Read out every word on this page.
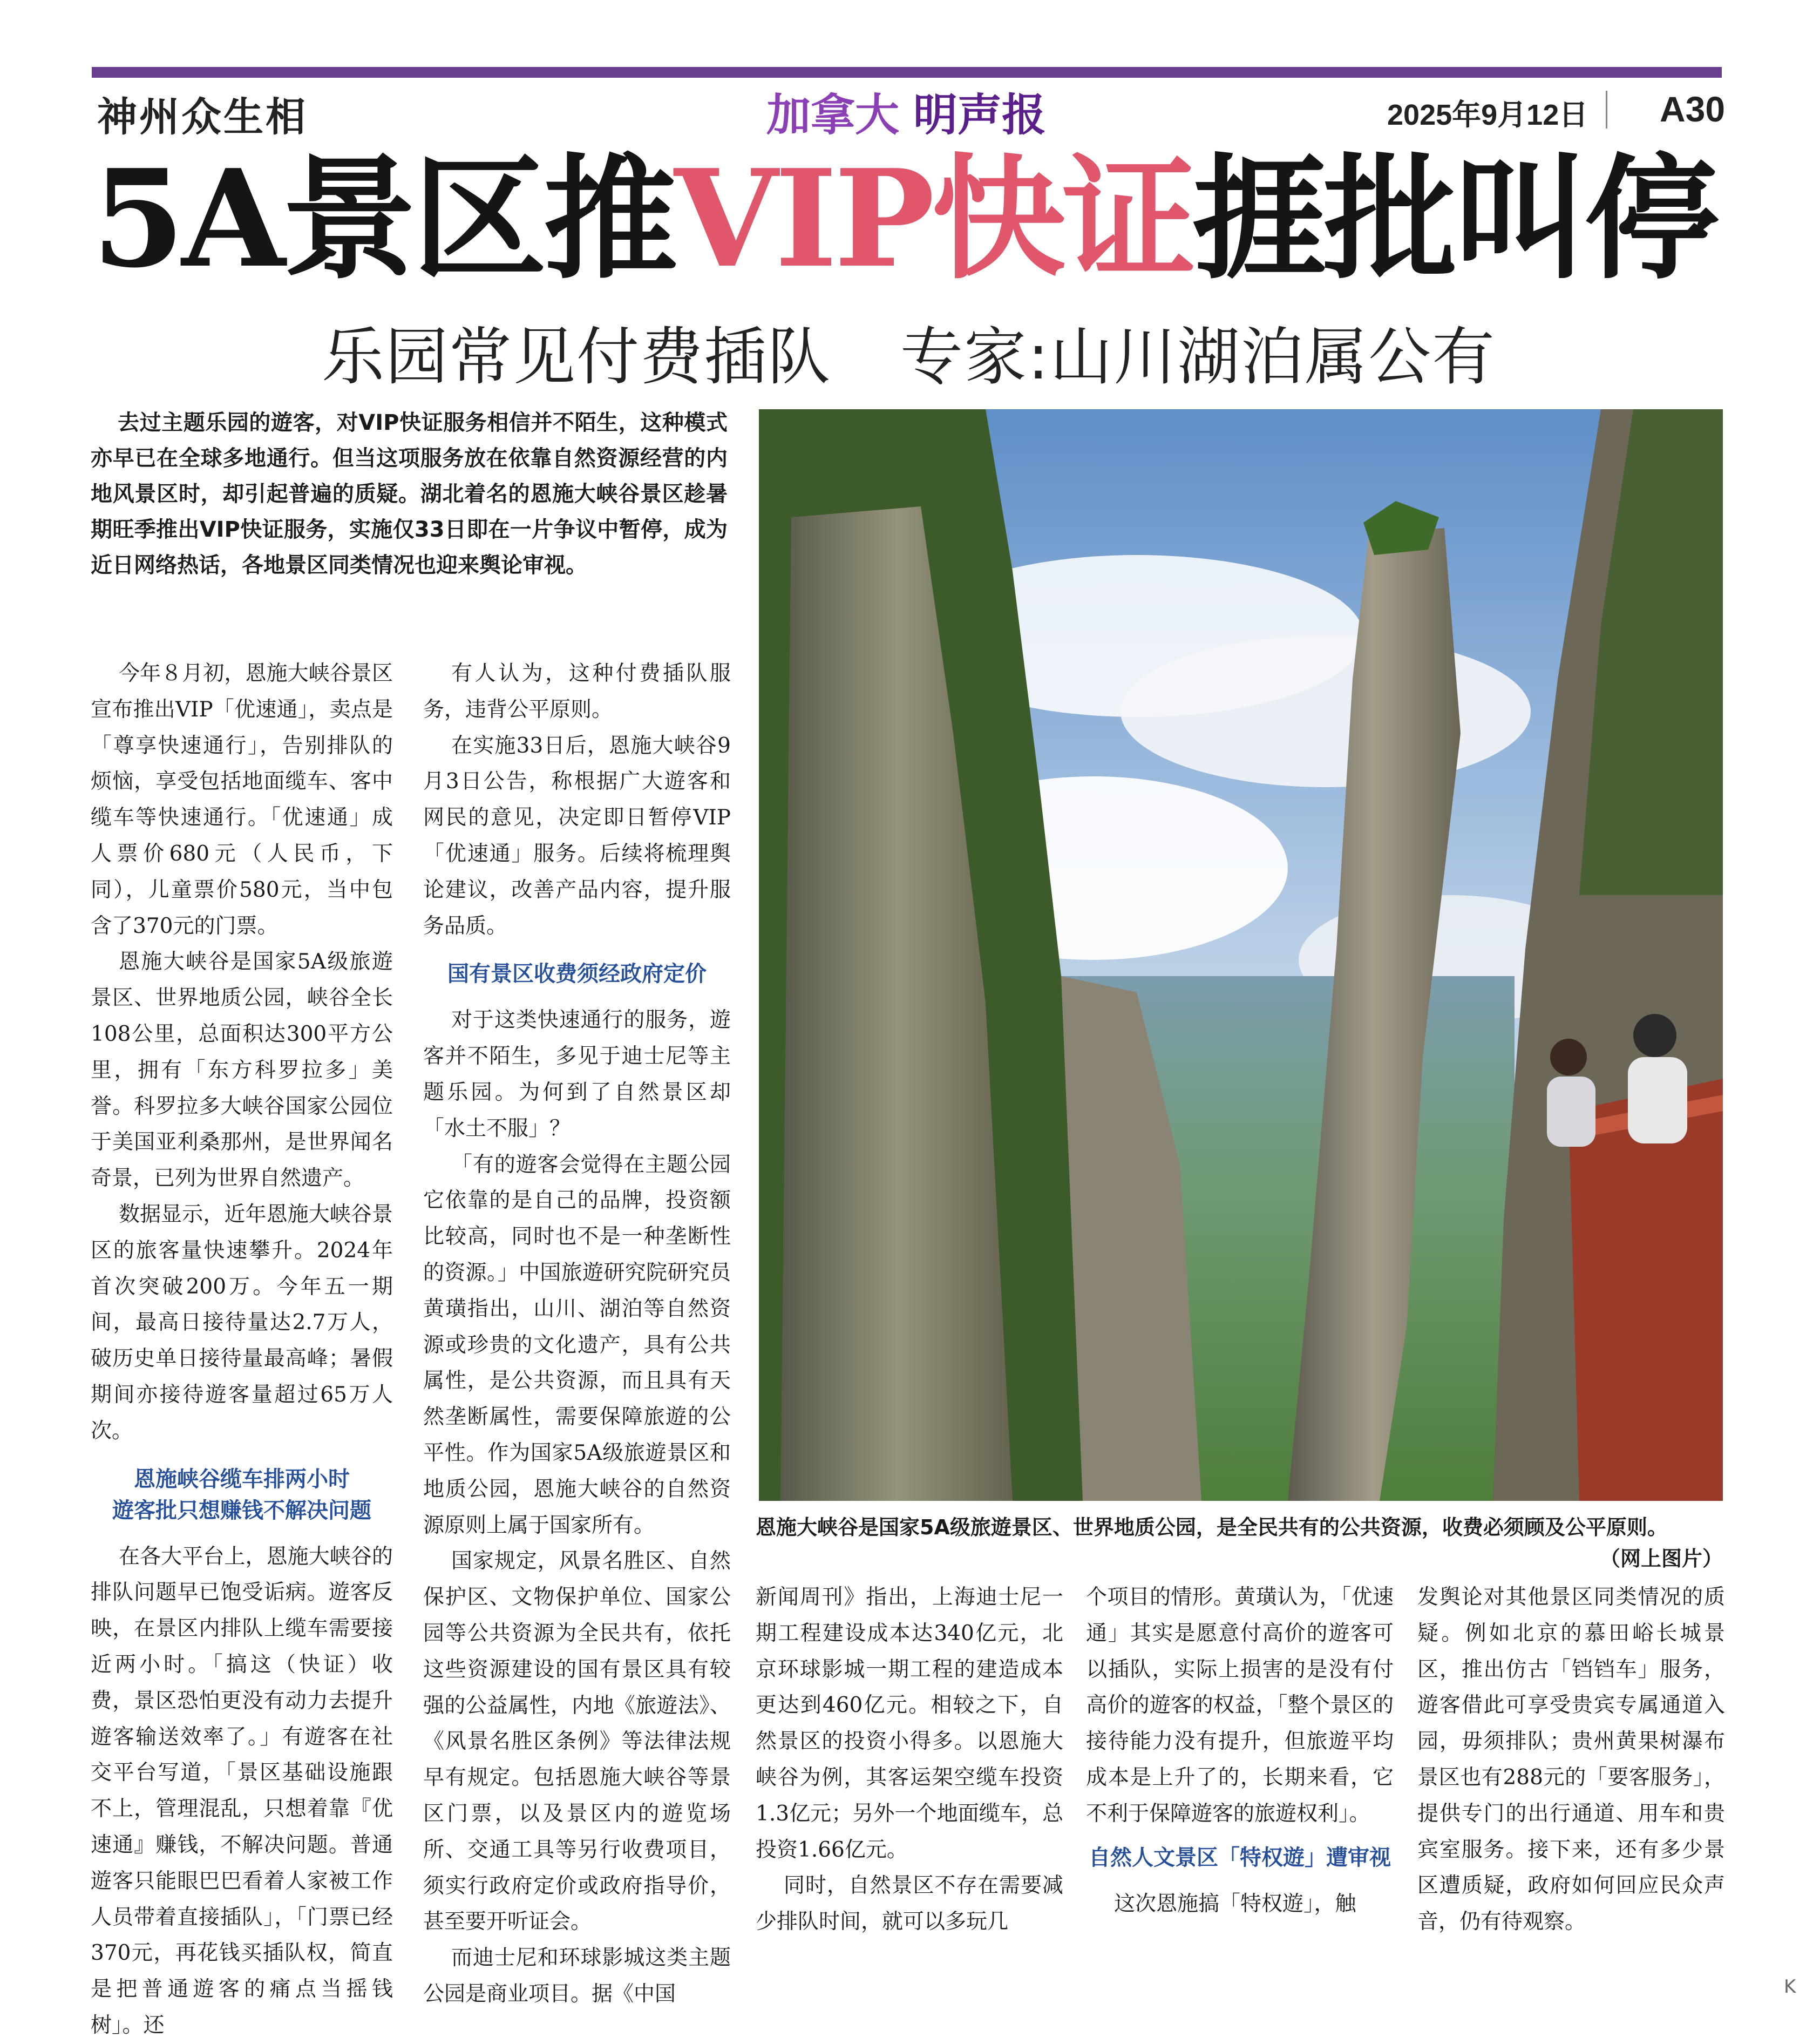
神州众生相	加拿大 明声报	2025年9月12日 A30
5A景区推VIP快证捱批叫停
乐园常见付费插队 专家:山川湖泊属公有
去过主题乐园的遊客，对VIP快证服务相信并不陌生，这种模式亦早已在全球多地通行。但当这项服务放在依靠自然资源经营的内地风景区时，却引起普遍的质疑。湖北着名的恩施大峡谷景区趁暑期旺季推出VIP快证服务，实施仅33日即在一片争议中暂停，成为近日网络热话，各地景区同类情况也迎来舆论审视。

今年８月初，恩施大峡谷景区宣布推出VIP「优速通」，卖点是「尊享快速通行」，告别排队的烦恼，享受包括地面缆车、客中缆车等快速通行。「优速通」成人票价680元（人民币，下同），儿童票价580元，当中包含了370元的门票。

恩施大峡谷是国家5A级旅遊景区、世界地质公园，峡谷全长108公里，总面积达300平方公里，拥有「东方科罗拉多」美誉。科罗拉多大峡谷国家公园位于美国亚利桑那州，是世界闻名奇景，已列为世界自然遗产。

数据显示，近年恩施大峡谷景区的旅客量快速攀升。2024年首次突破200万。今年五一期间，最高日接待量达2.7万人，破历史单日接待量最高峰；暑假期间亦接待遊客量超过65万人次。

恩施峡谷缆车排两小时
遊客批只想赚钱不解决问题

在各大平台上，恩施大峡谷的排队问题早已饱受诟病。遊客反映，在景区内排队上缆车需要接近两小时。「搞这（快证）收费，景区恐怕更没有动力去提升遊客输送效率了。」有遊客在社交平台写道，「景区基础设施跟不上，管理混乱，只想着靠『优速通』赚钱，不解决问题。普通遊客只能眼巴巴看着人家被工作人员带着直接插队」，「门票已经370元，再花钱买插队权，简直是把普通遊客的痛点当摇钱树」。还

有人认为，这种付费插队服务，违背公平原则。

在实施33日后，恩施大峡谷9月3日公告，称根据广大遊客和网民的意见，决定即日暂停VIP「优速通」服务。后续将梳理舆论建议，改善产品内容，提升服务品质。

国有景区收费须经政府定价

对于这类快速通行的服务，遊客并不陌生，多见于迪士尼等主题乐园。为何到了自然景区却「水土不服」？

「有的遊客会觉得在主题公园它依靠的是自己的品牌，投资额比较高，同时也不是一种垄断性的资源。」中国旅遊研究院研究员黄璜指出，山川、湖泊等自然资源或珍贵的文化遗产，具有公共属性，是公共资源，而且具有天然垄断属性，需要保障旅遊的公平性。作为国家5A级旅遊景区和地质公园，恩施大峡谷的自然资源原则上属于国家所有。

国家规定，风景名胜区、自然保护区、文物保护单位、国家公园等公共资源为全民共有，依托这些资源建设的国有景区具有较强的公益属性，内地《旅遊法》、《风景名胜区条例》等法律法规早有规定。包括恩施大峡谷等景区门票，以及景区内的遊览场所、交通工具等另行收费项目，须实行政府定价或政府指导价，甚至要开听证会。

而迪士尼和环球影城这类主题公园是商业项目。据《中国

恩施大峡谷是国家5A级旅遊景区、世界地质公园，是全民共有的公共资源，收费必须顾及公平原则。
（网上图片）

新闻周刊》指出，上海迪士尼一期工程建设成本达340亿元，北京环球影城一期工程的建造成本更达到460亿元。相较之下，自然景区的投资小得多。以恩施大峡谷为例，其客运架空缆车投资1.3亿元；另外一个地面缆车，总投资1.66亿元。

同时，自然景区不存在需要减少排队时间，就可以多玩几

个项目的情形。黄璜认为，「优速通」其实是愿意付高价的遊客可以插队，实际上损害的是没有付高价的遊客的权益，「整个景区的接待能力没有提升，但旅遊平均成本是上升了的，长期来看，它不利于保障遊客的旅遊权利」。

自然人文景区「特权遊」遭审视

这次恩施搞「特权遊」，触

发舆论对其他景区同类情况的质疑。例如北京的慕田峪长城景区，推出仿古「铛铛车」服务，遊客借此可享受贵宾专属通道入园，毋须排队；贵州黄果树瀑布景区也有288元的「要客服务」，提供专门的出行通道、用车和贵宾室服务。接下来，还有多少景区遭质疑，政府如何回应民众声音，仍有待观察。

K
